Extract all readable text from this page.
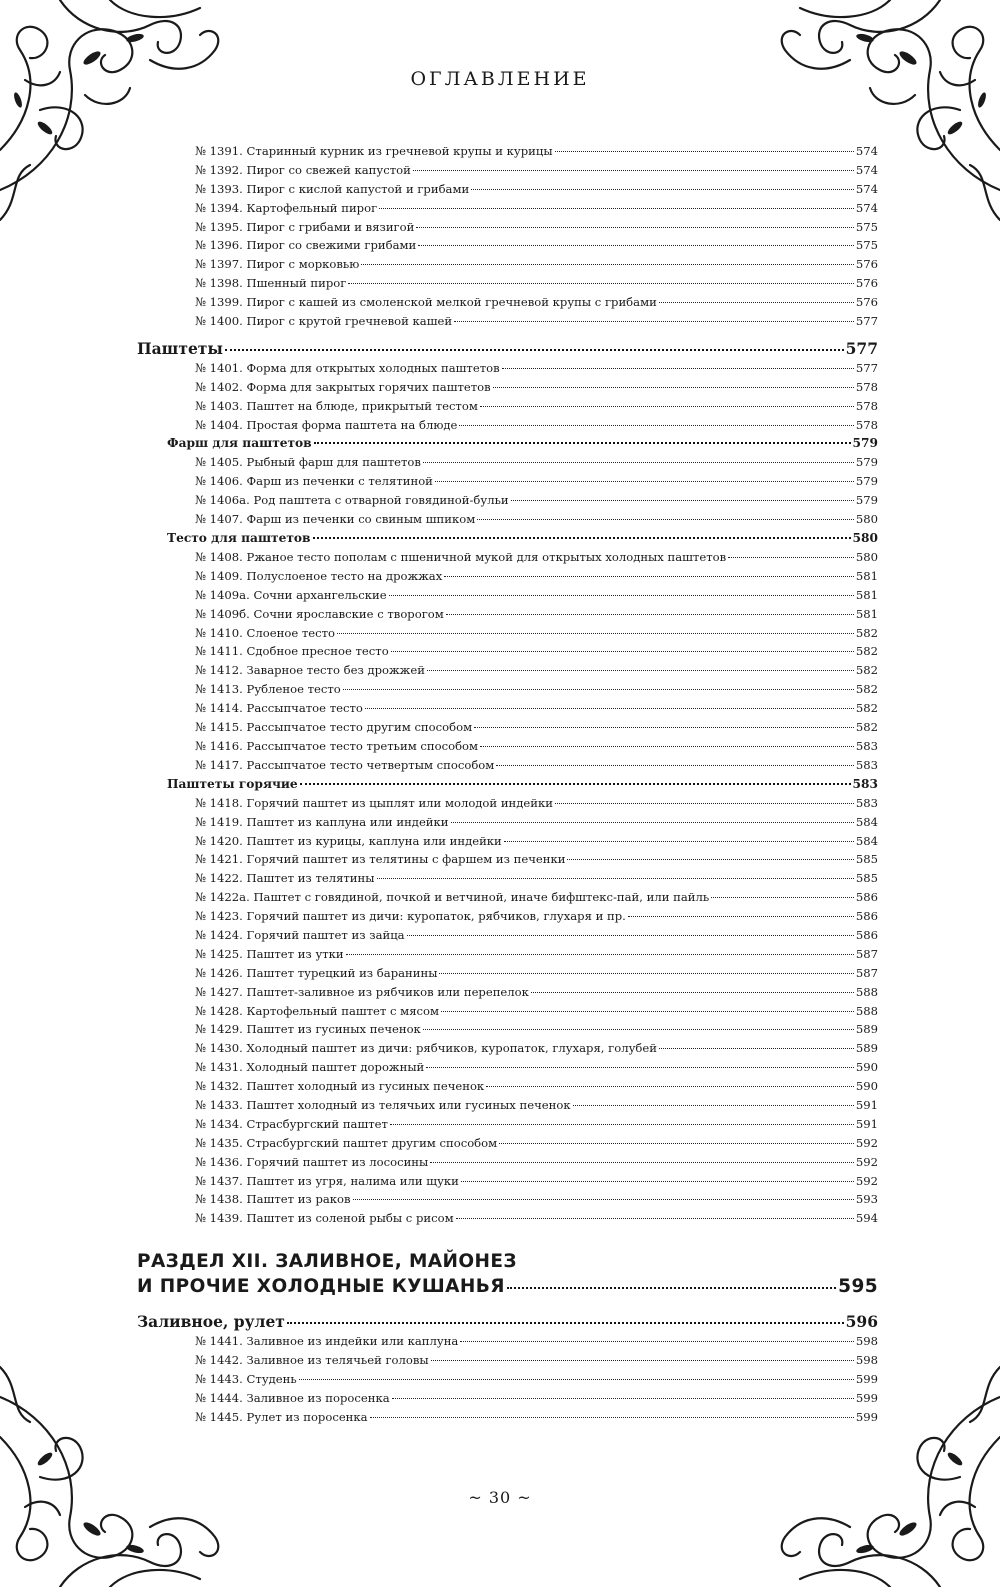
ОГЛАВЛЕНИЕ
№ 1391. Старинный курник из гречневой крупы и курицы	574
№ 1392. Пирог со свежей капустой	574
№ 1393. Пирог с кислой капустой и грибами	574
№ 1394. Картофельный пирог	574
№ 1395. Пирог с грибами и вязигой	575
№ 1396. Пирог со свежими грибами	575
№ 1397. Пирог с морковью	576
№ 1398. Пшенный пирог	576
№ 1399. Пирог с кашей из смоленской мелкой гречневой крупы с грибами	576
№ 1400. Пирог с крутой гречневой кашей	577
Паштеты	577
№ 1401. Форма для открытых холодных паштетов	577
№ 1402. Форма для закрытых горячих паштетов	578
№ 1403. Паштет на блюде, прикрытый тестом	578
№ 1404. Простая форма паштета на блюде	578
Фарш для паштетов	579
№ 1405. Рыбный фарш для паштетов	579
№ 1406. Фарш из печенки с телятиной	579
№ 1406а. Род паштета с отварной говядиной-бульи	579
№ 1407. Фарш из печенки со свиным шпиком	580
Тесто для паштетов	580
№ 1408. Ржаное тесто пополам с пшеничной мукой для открытых холодных паштетов	580
№ 1409. Полуслоеное тесто на дрожжах	581
№ 1409а. Сочни архангельские	581
№ 1409б. Сочни ярославские с творогом	581
№ 1410. Слоеное тесто	582
№ 1411. Сдобное пресное тесто	582
№ 1412. Заварное тесто без дрожжей	582
№ 1413. Рубленое тесто	582
№ 1414. Рассыпчатое тесто	582
№ 1415. Рассыпчатое тесто другим способом	582
№ 1416. Рассыпчатое тесто третьим способом	583
№ 1417. Рассыпчатое тесто четвертым способом	583
Паштеты горячие	583
№ 1418. Горячий паштет из цыплят или молодой индейки	583
№ 1419. Паштет из каплуна или индейки	584
№ 1420. Паштет из курицы, каплуна или индейки	584
№ 1421. Горячий паштет из телятины с фаршем из печенки	585
№ 1422. Паштет из телятины	585
№ 1422а. Паштет с говядиной, почкой и ветчиной, иначе бифштекс-пай, или пайль	586
№ 1423. Горячий паштет из дичи: куропаток, рябчиков, глухаря и пр.	586
№ 1424. Горячий паштет из зайца	586
№ 1425. Паштет из утки	587
№ 1426. Паштет турецкий из баранины	587
№ 1427. Паштет-заливное из рябчиков или перепелок	588
№ 1428. Картофельный паштет с мясом	588
№ 1429. Паштет из гусиных печенок	589
№ 1430. Холодный паштет из дичи: рябчиков, куропаток, глухаря, голубей	589
№ 1431. Холодный паштет дорожный	590
№ 1432. Паштет холодный из гусиных печенок	590
№ 1433. Паштет холодный из телячьих или гусиных печенок	591
№ 1434. Страсбургский паштет	591
№ 1435. Страсбургский паштет другим способом	592
№ 1436. Горячий паштет из лососины	592
№ 1437. Паштет из угря, налима или щуки	592
№ 1438. Паштет из раков	593
№ 1439. Паштет из соленой рыбы с рисом	594
РАЗДЕЛ XII. ЗАЛИВНОЕ, МАЙОНЕЗ
И ПРОЧИЕ ХОЛОДНЫЕ КУШАНЬЯ	595
Заливное, рулет	596
№ 1441. Заливное из индейки или каплуна	598
№ 1442. Заливное из телячьей головы	598
№ 1443. Студень	599
№ 1444. Заливное из поросенка	599
№ 1445. Рулет из поросенка	599
~ 30 ~
